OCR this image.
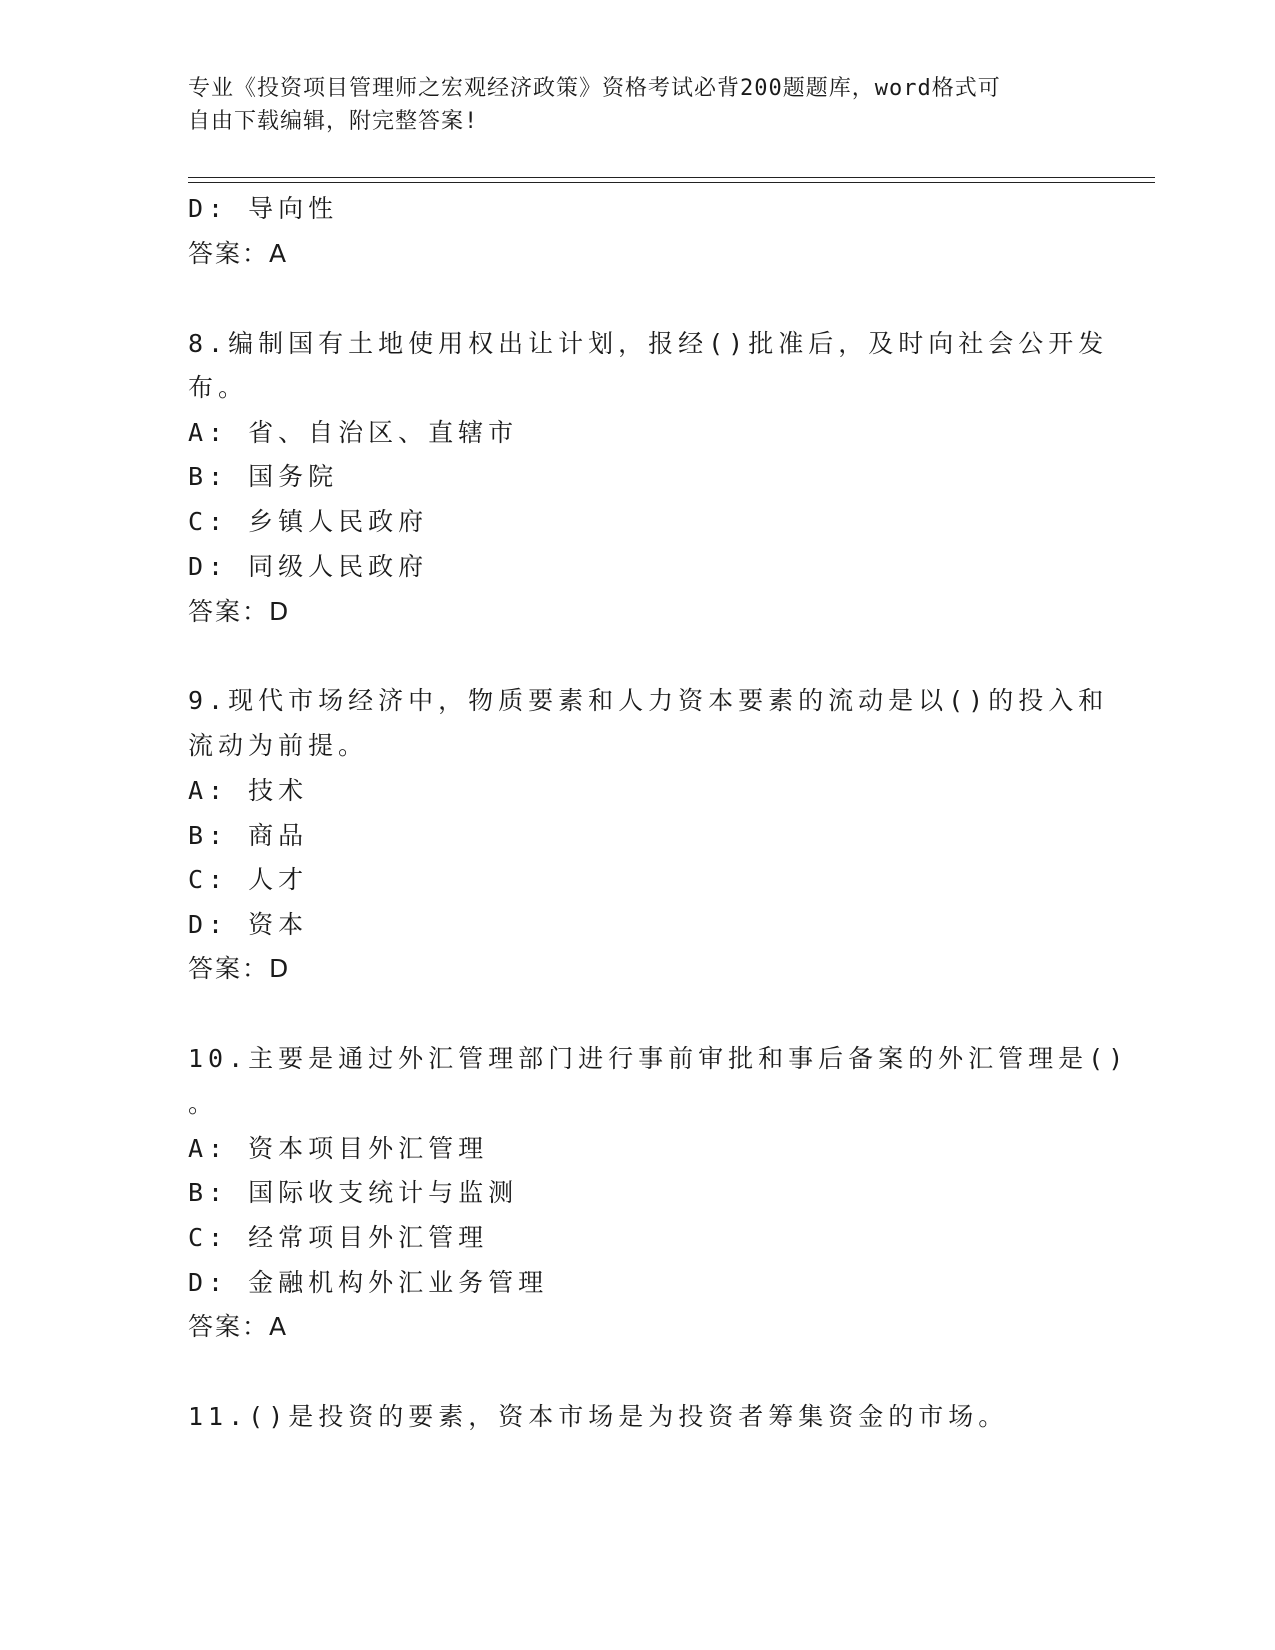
专业《投资项目管理师之宏观经济政策》资格考试必背200题题库，word格式可
自由下载编辑，附完整答案!
D: 导向性
答案：A
8.编制国有土地使用权出让计划，报经()批准后，及时向社会公开发
布。
A: 省、自治区、直辖市
B: 国务院
C: 乡镇人民政府
D: 同级人民政府
答案：D
9.现代市场经济中，物质要素和人力资本要素的流动是以()的投入和
流动为前提。
A: 技术
B: 商品
C: 人才
D: 资本
答案：D
10.主要是通过外汇管理部门进行事前审批和事后备案的外汇管理是()
。
A: 资本项目外汇管理
B: 国际收支统计与监测
C: 经常项目外汇管理
D: 金融机构外汇业务管理
答案：A
11.()是投资的要素，资本市场是为投资者筹集资金的市场。
